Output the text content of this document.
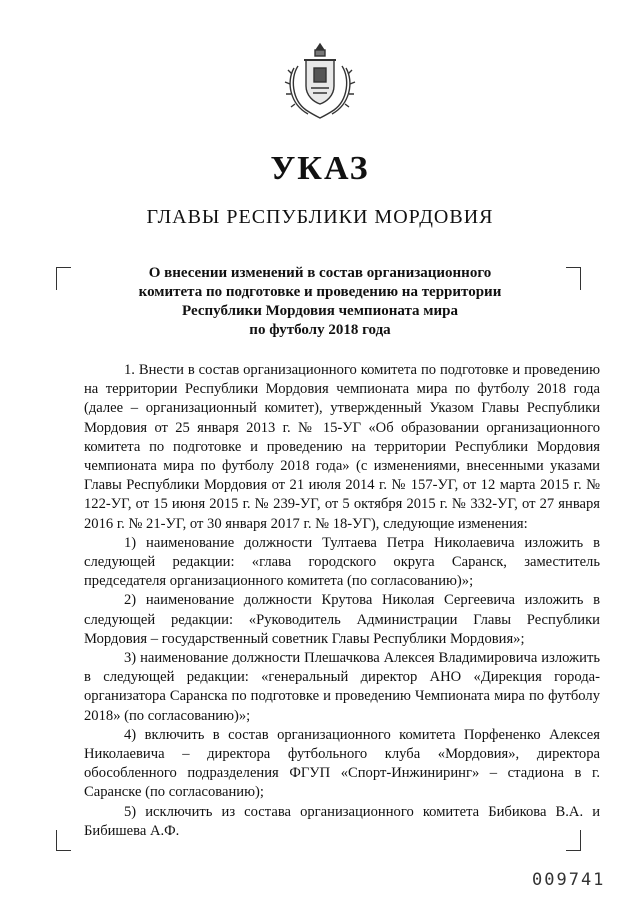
УКАЗ
ГЛАВЫ РЕСПУБЛИКИ МОРДОВИЯ
О внесении изменений в состав организационного
комитета по подготовке и проведению на территории
Республики Мордовия чемпионата мира
по футболу 2018 года

1. Внести в состав организационного комитета по подготовке и проведению на территории Республики Мордовия чемпионата мира по футболу 2018 года (далее – организационный комитет), утвержденный Указом Главы Республики Мордовия от 25 января 2013 г. № 15-УГ «Об образовании организационного комитета по подготовке и проведению на территории Республики Мордовия чемпионата мира по футболу 2018 года» (с изменениями, внесенными указами Главы Республики Мордовия от 21 июля 2014 г. № 157-УГ, от 12 марта 2015 г. № 122-УГ, от 15 июня 2015 г. № 239-УГ, от 5 октября 2015 г. № 332-УГ, от 27 января 2016 г. № 21-УГ, от 30 января 2017 г. № 18-УГ), следующие изменения:

1) наименование должности Тултаева Петра Николаевича изложить в следующей редакции: «глава городского округа Саранск, заместитель председателя организационного комитета (по согласованию)»;

2) наименование должности Крутова Николая Сергеевича изложить в следующей редакции: «Руководитель Администрации Главы Республики Мордовия – государственный советник Главы Республики Мордовия»;

3) наименование должности Плешачкова Алексея Владимировича изложить в следующей редакции: «генеральный директор АНО «Дирекция города-организатора Саранска по подготовке и проведению Чемпионата мира по футболу 2018» (по согласованию)»;

4) включить в состав организационного комитета Порфененко Алексея Николаевича – директора футбольного клуба «Мордовия», директора обособленного подразделения ФГУП «Спорт-Инжиниринг» – стадиона в г. Саранске (по согласованию);

5) исключить из состава организационного комитета Бибикова В.А. и Бибишева А.Ф.

009741
